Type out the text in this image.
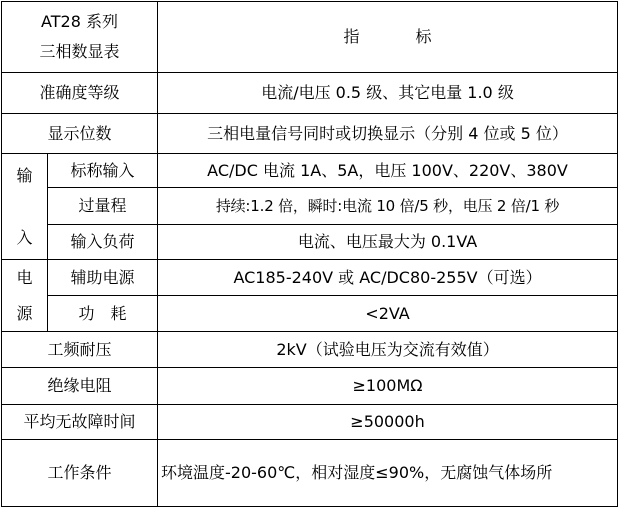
AT28 系列
三相数显表		指 标
准确度等级		电流/电压 0.5 级、其它电量 1.0 级
显示位数		三相电量信号同时或切换显示（分别 4 位或 5 位）

输
入	标称输入	AC/DC 电流 1A、5A，电压 100V、220V、380V
	过量程	持续:1.2 倍，瞬时:电流 10 倍/5 秒，电压 2 倍/1 秒
	输入负荷	电流、电压最大为 0.1VA

电
源	辅助电源	AC185-240V 或 AC/DC80-255V（可选）
	功　耗	<2VA
工频耐压		2kV（试验电压为交流有效值）
绝缘电阻		≥100MΩ
平均无故障时间		≥50000h
工作条件		环境温度-20-60℃，相对湿度≤90%，无腐蚀气体场所
